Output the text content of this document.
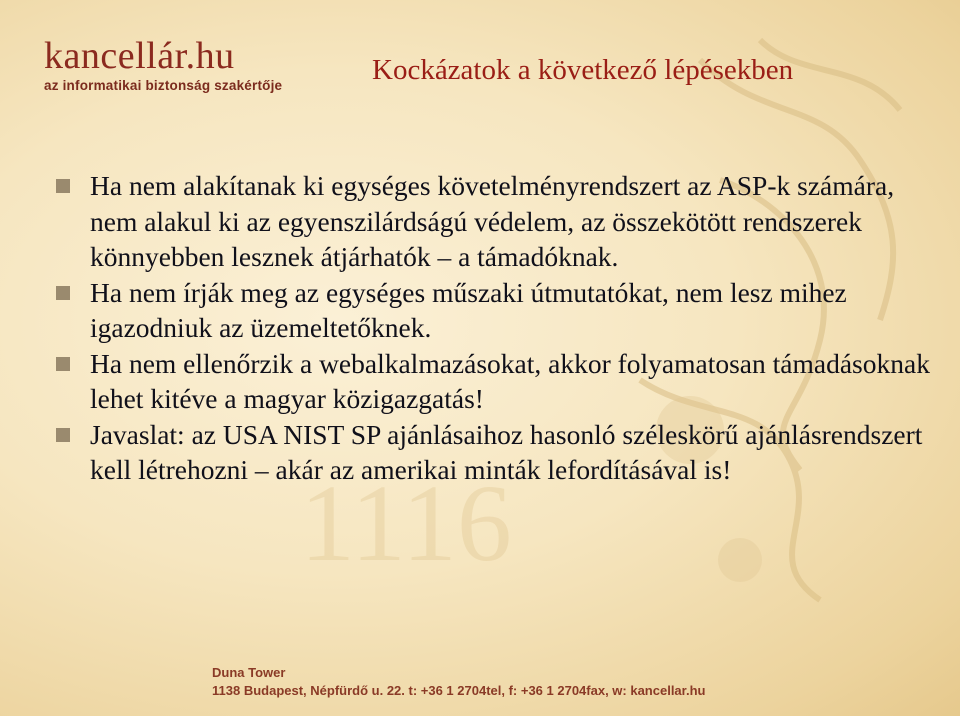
1116
kancellár.hu
az informatikai biztonság szakértője	Kockázatok a következő lépésekben
Ha nem alakítanak ki egységes követelményrendszert az ASP-k számára, nem alakul ki az egyenszilárdságú védelem, az összekötött rendszerek könnyebben lesznek átjárhatók – a támadóknak.
Ha nem írják meg az egységes műszaki útmutatókat, nem lesz mihez igazodniuk az üzemeltetőknek.
Ha nem ellenőrzik a webalkalmazásokat, akkor folyamatosan támadásoknak lehet kitéve a magyar közigazgatás!
Javaslat: az USA NIST SP ajánlásaihoz hasonló széleskörű ajánlásrendszert kell létrehozni – akár az amerikai minták lefordításával is!
Duna Tower
1138 Budapest, Népfürdő u. 22. t: +36 1 2704tel, f: +36 1 2704fax, w: kancellar.hu
